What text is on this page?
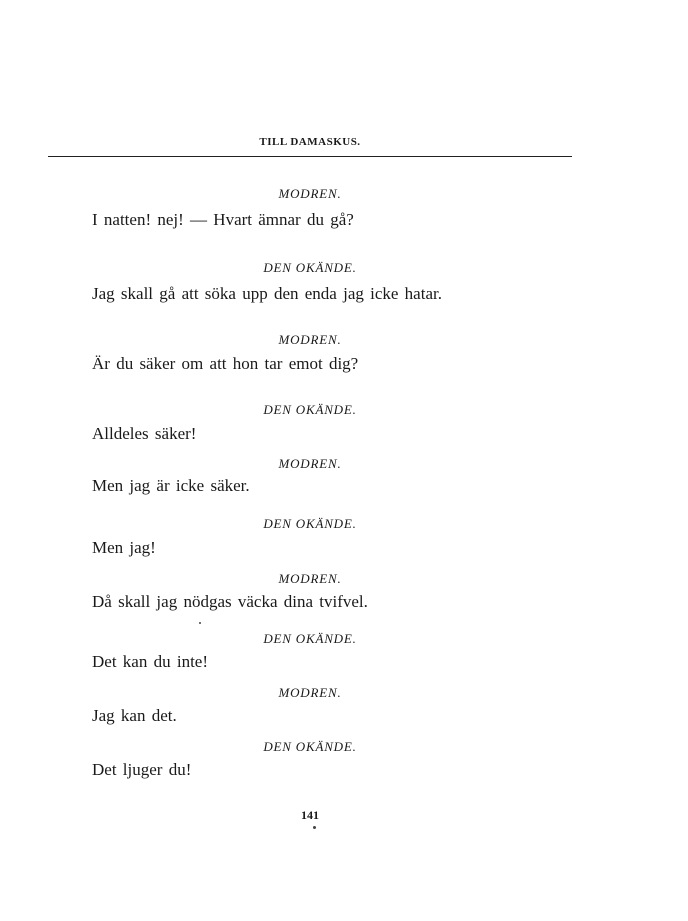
TILL DAMASKUS.
MODREN.
I natten! nej! — Hvart ämnar du gå?
DEN OKÄNDE.
Jag skall gå att söka upp den enda jag icke hatar.
MODREN.
Är du säker om att hon tar emot dig?
DEN OKÄNDE.
Alldeles säker!
MODREN.
Men jag är icke säker.
DEN OKÄNDE.
Men jag!
MODREN.
Då skall jag nödgas väcka dina tvifvel.
DEN OKÄNDE.
Det kan du inte!
MODREN.
Jag kan det.
DEN OKÄNDE.
Det ljuger du!
141
